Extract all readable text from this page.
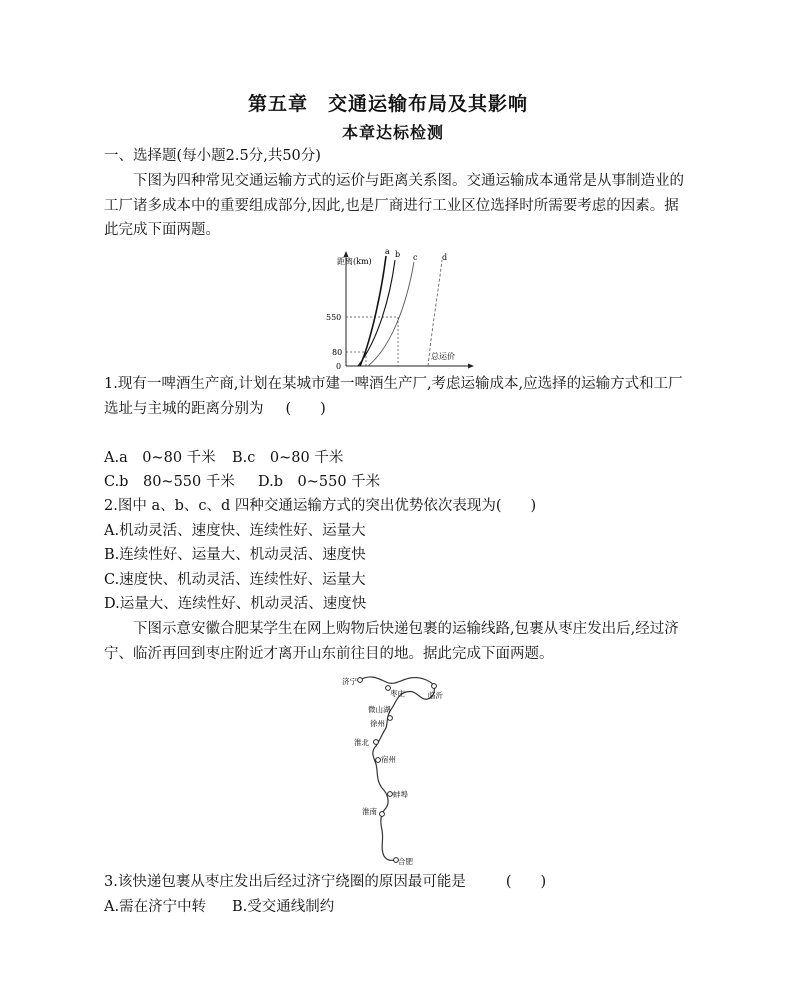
第五章　交通运输布局及其影响
本章达标检测
一、选择题(每小题2.5分,共50分)
下图为四种常见交通运输方式的运价与距离关系图。交通运输成本通常是从事制造业的工厂诸多成本中的重要组成部分,因此,也是厂商进行工业区位选择时所需要考虑的因素。据此完成下面两题。
距离(km)
总运价
550
80
0
a b c	d
1.现有一啤酒生产商,计划在某城市建一啤酒生产厂,考虑运输成本,应选择的运输方式和工厂选址与主城的距离分别为 (　　)
A.a　0~80 千米 B.c　0~80 千米
C.b　80~550 千米 D.b　0~550 千米
2.图中 a、b、c、d 四种交通运输方式的突出优势依次表现为(　　)
A.机动灵活、速度快、连续性好、运量大
B.连续性好、运量大、机动灵活、速度快
C.速度快、机动灵活、连续性好、运量大
D.运量大、连续性好、机动灵活、速度快
下图示意安徽合肥某学生在网上购物后快递包裹的运输线路,包裹从枣庄发出后,经过济宁、临沂再回到枣庄附近才离开山东前往目的地。据此完成下面两题。
济宁
枣庄	临沂
微山湖
徐州
淮北
宿州
蚌埠
淮南
合肥
3.该快递包裹从枣庄发出后经过济宁绕圈的原因最可能是	(　　)
A.需在济宁中转 B.受交通线制约
